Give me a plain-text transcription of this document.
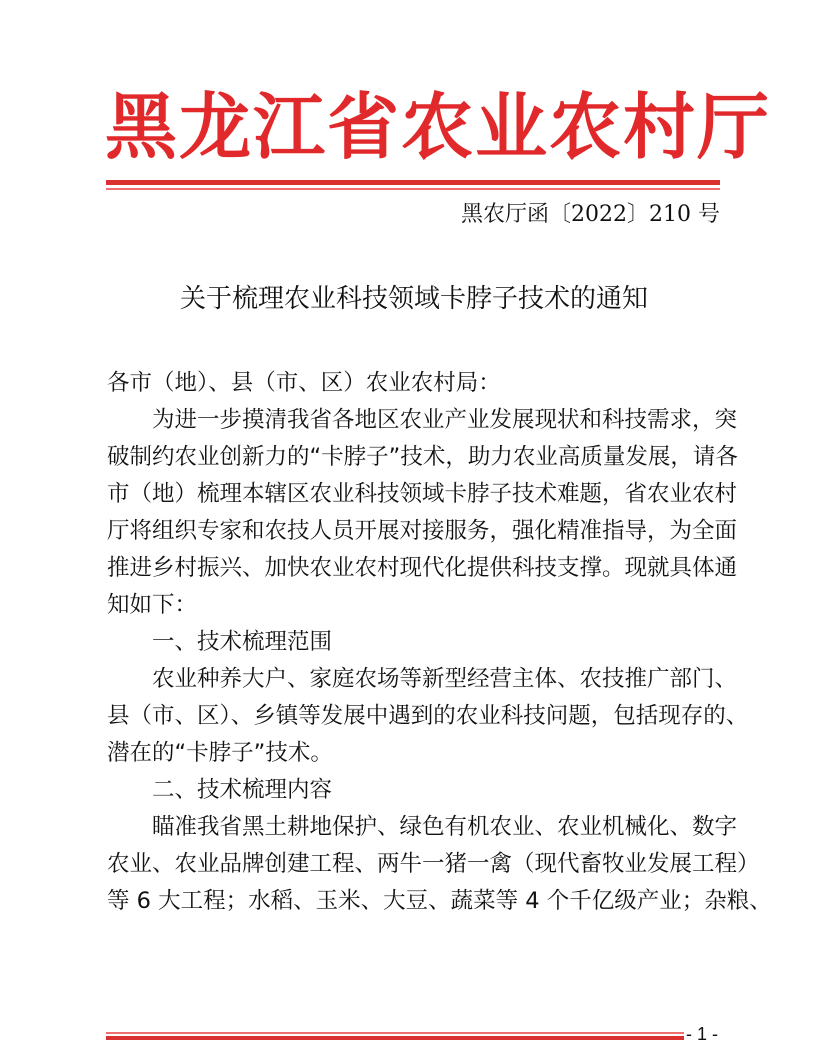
黑龙江省农业农村厅
黑农厅函〔2022〕210 号
关于梳理农业科技领域卡脖子技术的通知
各市（地）、县（市、区）农业农村局：
为进一步摸清我省各地区农业产业发展现状和科技需求，突
破制约农业创新力的“卡脖子”技术，助力农业高质量发展，请各
市（地）梳理本辖区农业科技领域卡脖子技术难题，省农业农村
厅将组织专家和农技人员开展对接服务，强化精准指导，为全面
推进乡村振兴、加快农业农村现代化提供科技支撑。现就具体通
知如下：
一、技术梳理范围
农业种养大户、家庭农场等新型经营主体、农技推广部门、
县（市、区）、乡镇等发展中遇到的农业科技问题，包括现存的、
潜在的“卡脖子”技术。
二、技术梳理内容
瞄准我省黑土耕地保护、绿色有机农业、农业机械化、数字
农业、农业品牌创建工程、两牛一猪一禽（现代畜牧业发展工程）
等 6 大工程；水稻、玉米、大豆、蔬菜等 4 个千亿级产业；杂粮、
- 1 -
